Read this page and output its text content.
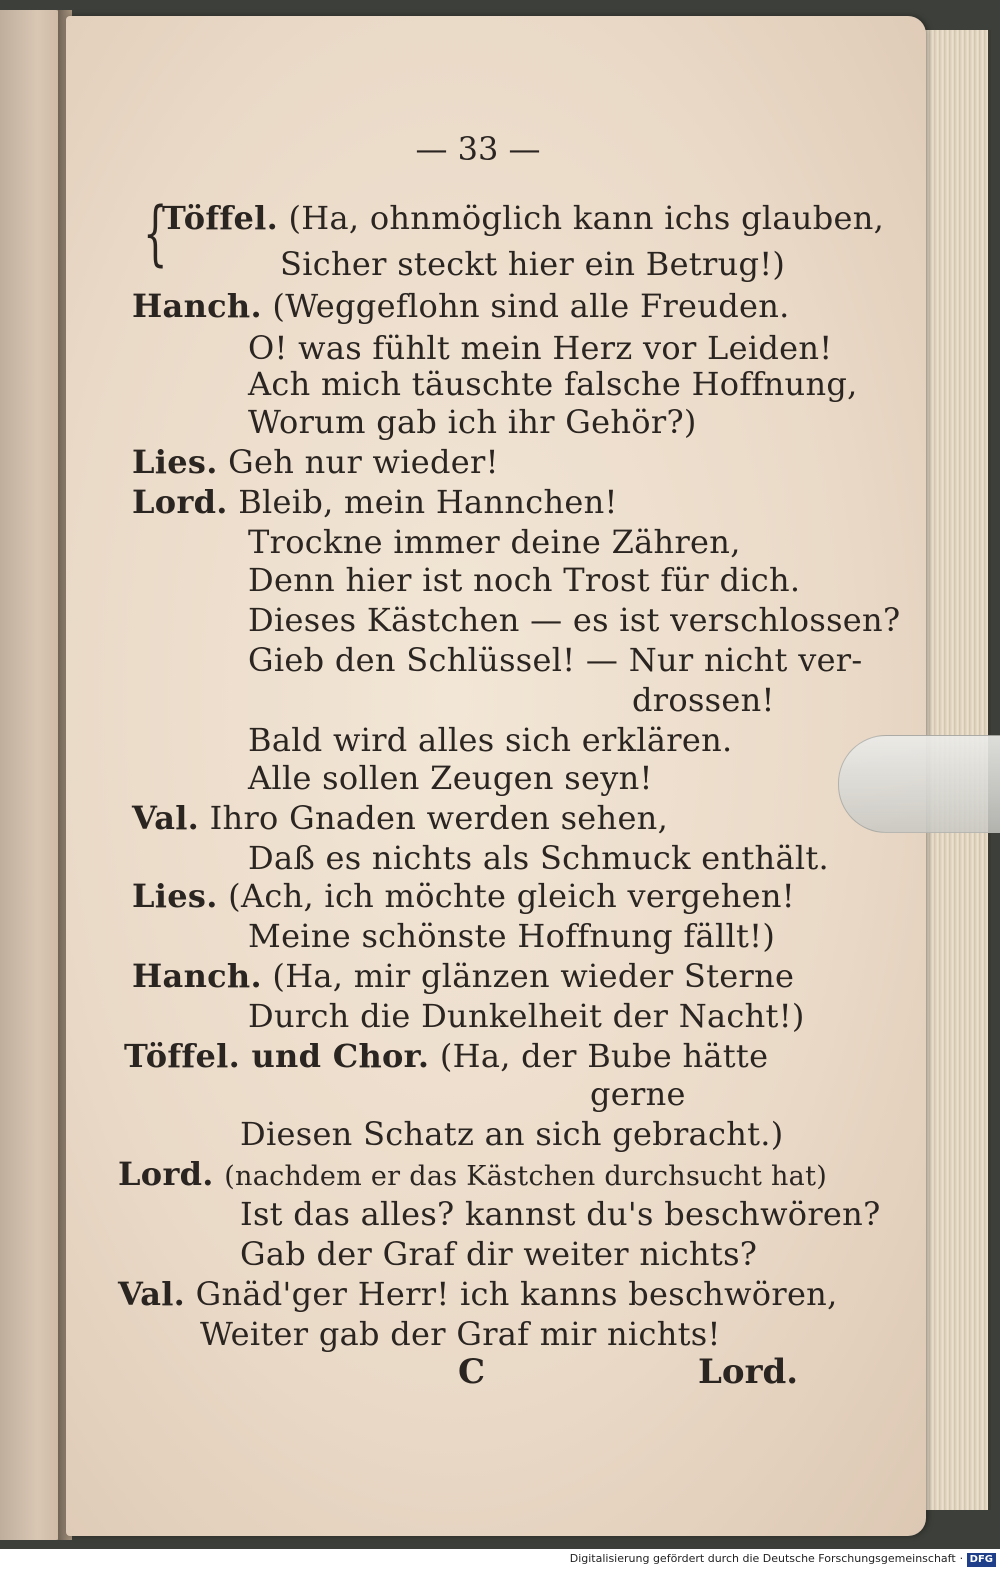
— 33 —
{
Töffel. (Ha, ohnmöglich kann ichs glauben,
Sicher steckt hier ein Betrug!)
Hanch. (Weggeflohn sind alle Freuden.
O! was fühlt mein Herz vor Leiden!
Ach mich täuschte falsche Hoffnung,
Worum gab ich ihr Gehör?)
Lies. Geh nur wieder!
Lord. Bleib, mein Hannchen!
Trockne immer deine Zähren,
Denn hier ist noch Trost für dich.
Dieses Kästchen — es ist verschlossen?
Gieb den Schlüssel! — Nur nicht ver-
drossen!
Bald wird alles sich erklären.
Alle sollen Zeugen seyn!
Val. Ihro Gnaden werden sehen,
Daß es nichts als Schmuck enthält.
Lies. (Ach, ich möchte gleich vergehen!
Meine schönste Hoffnung fällt!)
Hanch. (Ha, mir glänzen wieder Sterne
Durch die Dunkelheit der Nacht!)
Töffel. und Chor. (Ha, der Bube hätte
gerne
Diesen Schatz an sich gebracht.)
Lord. (nachdem er das Kästchen durchsucht hat)
Ist das alles? kannst du's beschwören?
Gab der Graf dir weiter nichts?
Val. Gnäd'ger Herr! ich kanns beschwören,
Weiter gab der Graf mir nichts!
C	Lord.
Digitalisierung gefördert durch die Deutsche Forschungsgemeinschaft · DFG
